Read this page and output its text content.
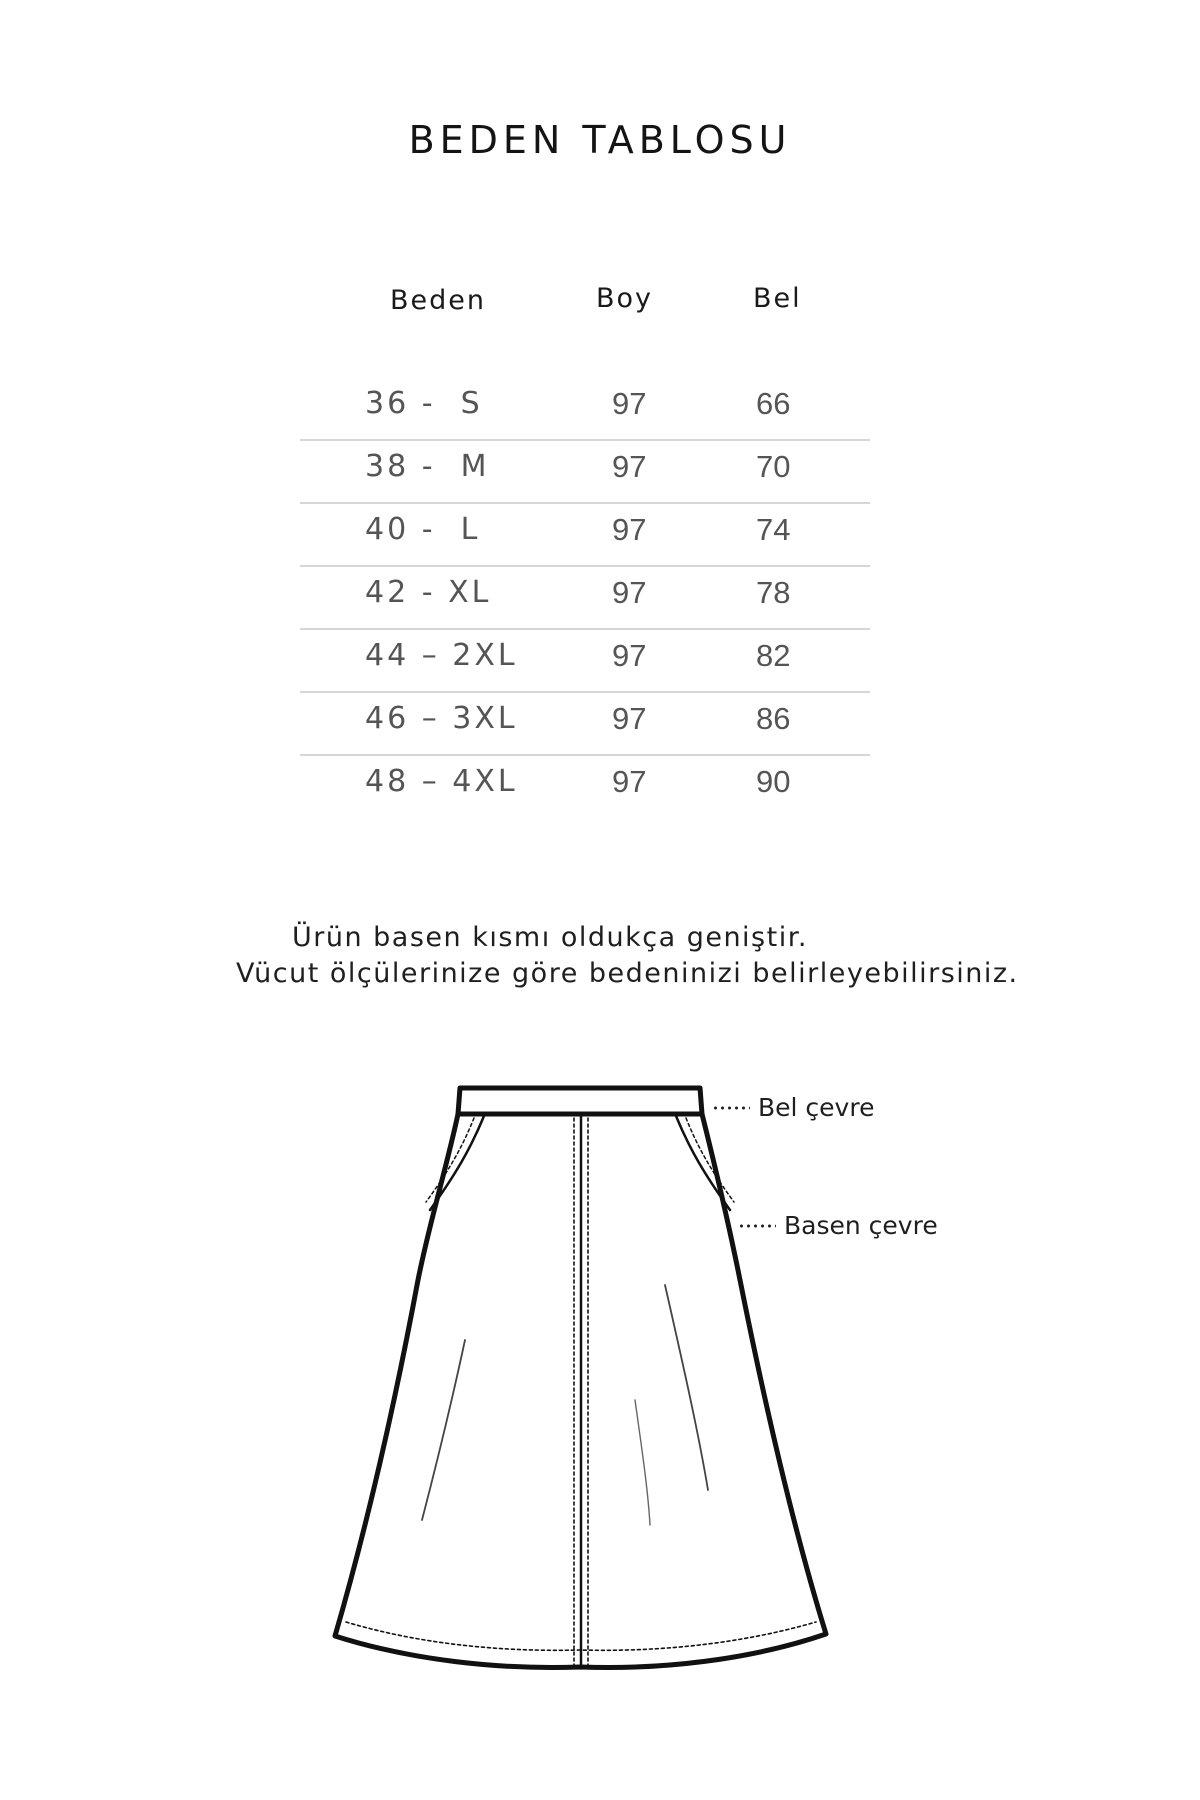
BEDEN TABLOSU
Beden	Boy	Bel
36 -  S	97	66
38 -  M	97	70
40 -  L	97	74
42 - XL	97	78
44 – 2XL	97	82
46 – 3XL	97	86
48 – 4XL	97	90
Ürün basen kısmı oldukça geniştir.
Vücut ölçülerinize göre bedeninizi belirleyebilirsiniz.
Bel çevre
Basen çevre
